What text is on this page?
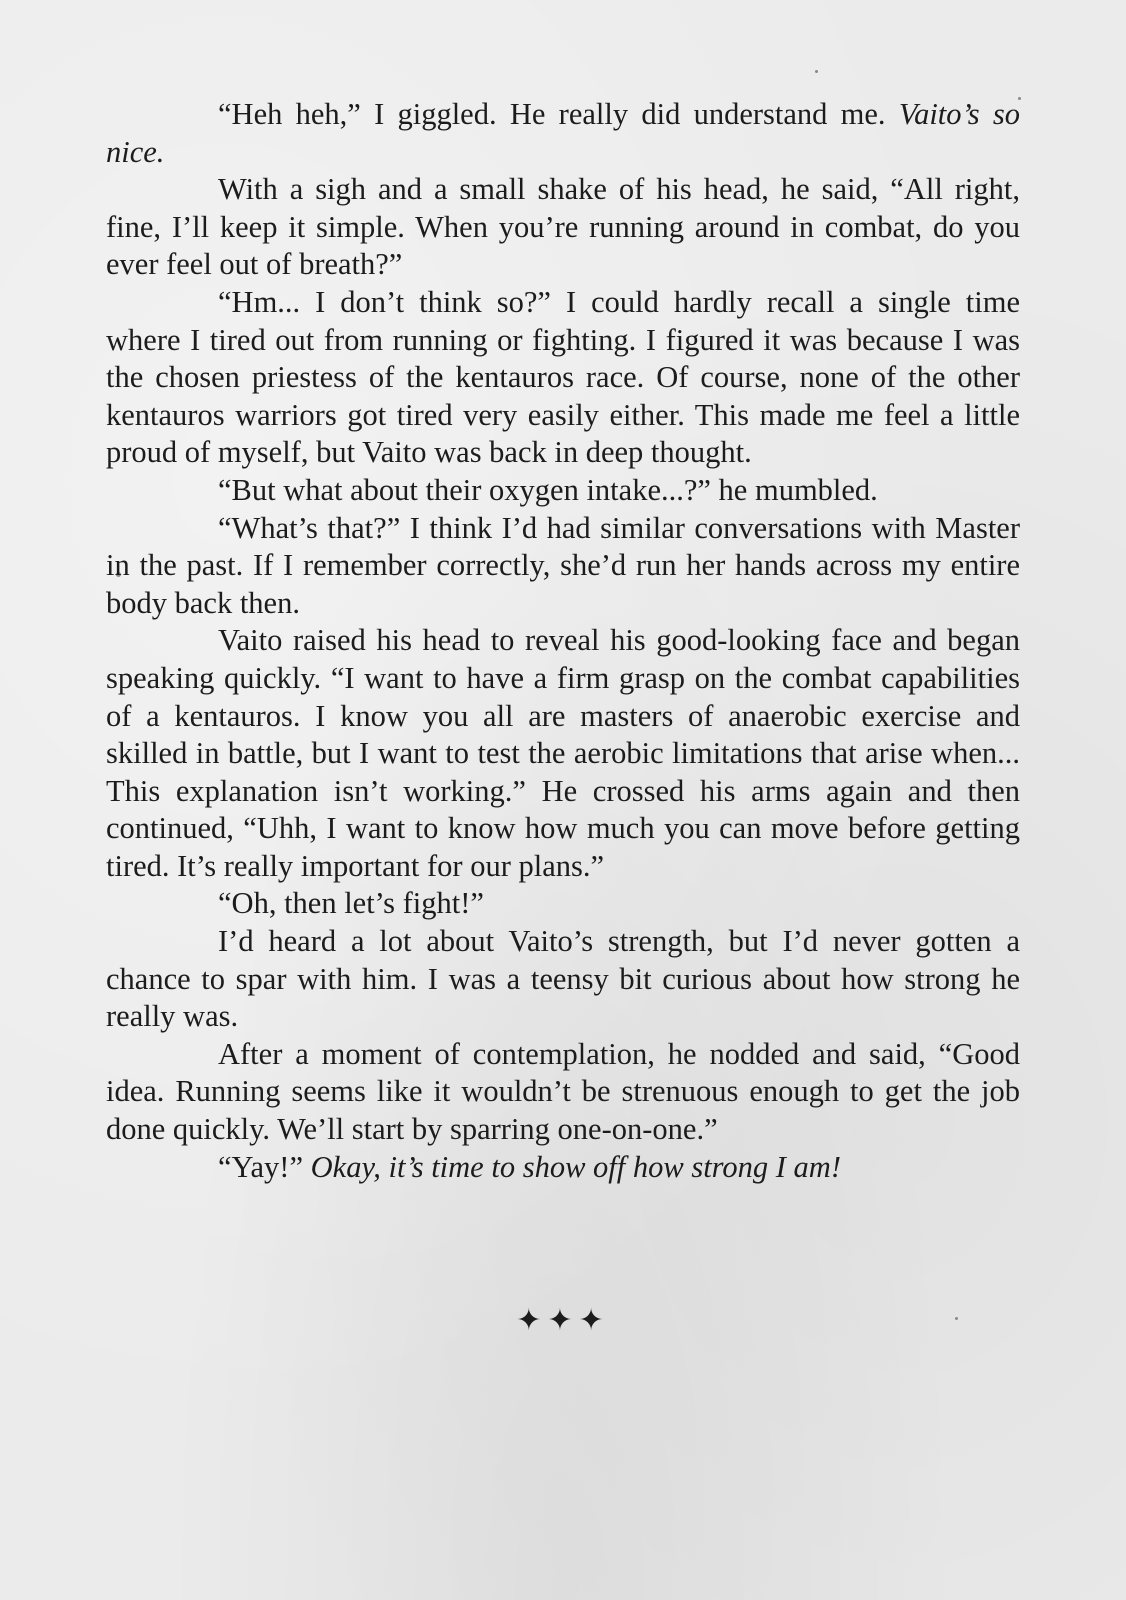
“Heh heh,” I giggled. He really did understand me. Vaito’s so nice.

With a sigh and a small shake of his head, he said, “All right, fine, I’ll keep it simple. When you’re running around in combat, do you ever feel out of breath?”

“Hm... I don’t think so?” I could hardly recall a single time where I tired out from running or fighting. I figured it was because I was the chosen priestess of the kentauros race. Of course, none of the other kentauros warriors got tired very easily either. This made me feel a little proud of myself, but Vaito was back in deep thought.

“But what about their oxygen intake...?” he mumbled.

“What’s that?” I think I’d had similar conversations with Master in the past. If I remember correctly, she’d run her hands across my entire body back then.

Vaito raised his head to reveal his good-looking face and began speaking quickly. “I want to have a firm grasp on the combat capabilities of a kentauros. I know you all are masters of anaerobic exercise and skilled in battle, but I want to test the aerobic limitations that arise when... This explanation isn’t working.” He crossed his arms again and then continued, “Uhh, I want to know how much you can move before getting tired. It’s really important for our plans.”

“Oh, then let’s fight!”

I’d heard a lot about Vaito’s strength, but I’d never gotten a chance to spar with him. I was a teensy bit curious about how strong he really was.

After a moment of contemplation, he nodded and said, “Good idea. Running seems like it wouldn’t be strenuous enough to get the job done quickly. We’ll start by sparring one-on-one.”

“Yay!” Okay, it’s time to show off how strong I am!

✦✦✦
